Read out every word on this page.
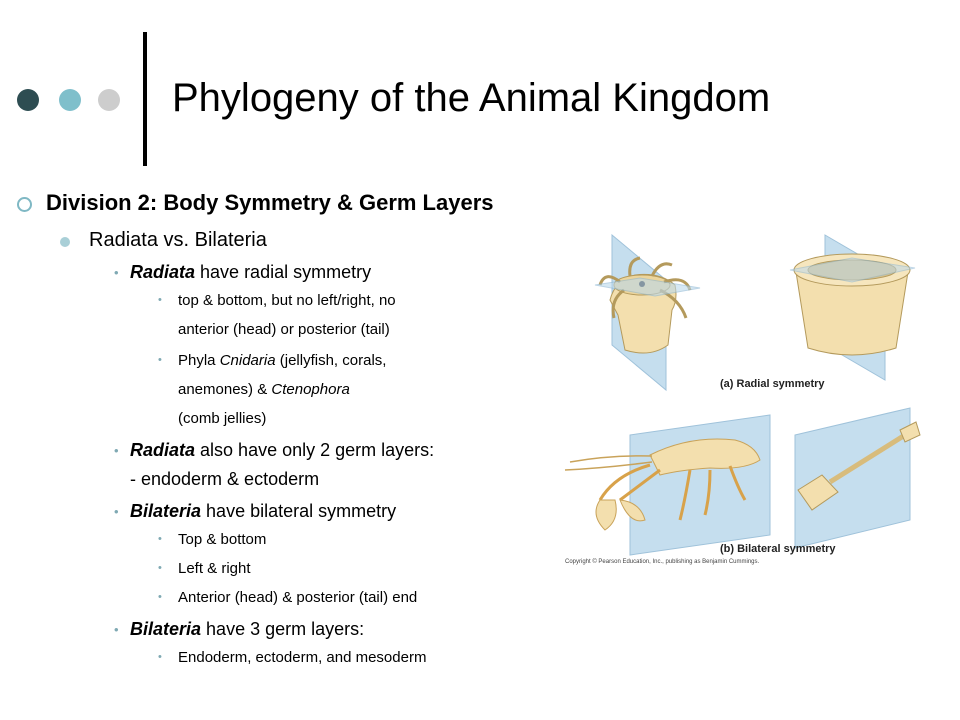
Phylogeny of the Animal Kingdom
Division 2: Body Symmetry & Germ Layers
Radiata vs. Bilateria
• Radiata have radial symmetry
• top & bottom, but no left/right, no
anterior (head) or posterior (tail)
• Phyla Cnidaria (jellyfish, corals,
anemones) & Ctenophora
(comb jellies)
• Radiata also have only 2 germ layers:
- endoderm & ectoderm
• Bilateria have bilateral symmetry
• Top & bottom
• Left & right
• Anterior (head) & posterior (tail) end
• Bilateria have 3 germ layers:
• Endoderm, ectoderm, and mesoderm
(a) Radial symmetry
(b) Bilateral symmetry
Copyright © Pearson Education, Inc., publishing as Benjamin Cummings.
